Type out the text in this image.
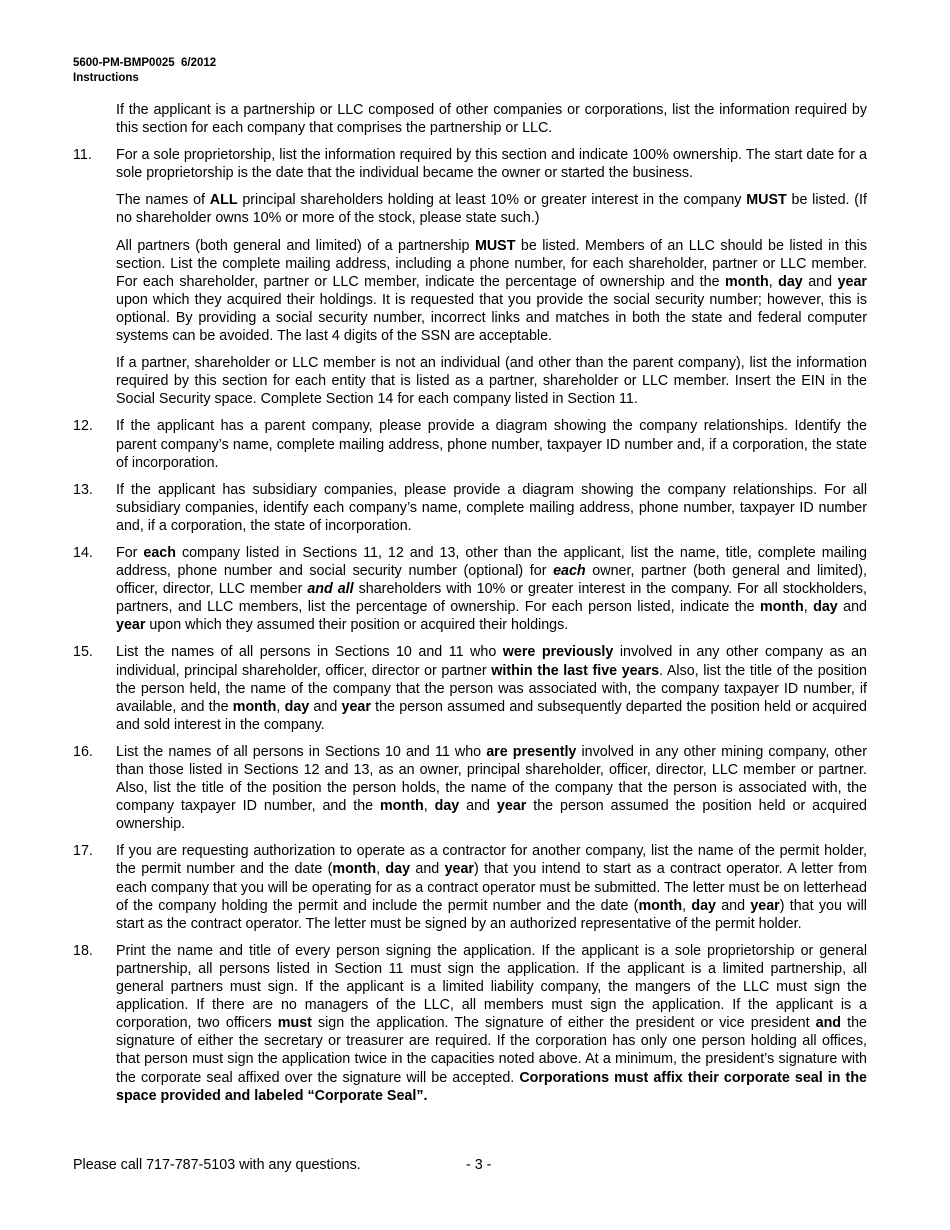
5600-PM-BMP0025 6/2012
Instructions

If the applicant is a partnership or LLC composed of other companies or corporations, list the information required by this section for each company that comprises the partnership or LLC.

11.	For a sole proprietorship, list the information required by this section and indicate 100% ownership. The start date for a sole proprietorship is the date that the individual became the owner or started the business.

The names of ALL principal shareholders holding at least 10% or greater interest in the company MUST be listed. (If no shareholder owns 10% or more of the stock, please state such.)

All partners (both general and limited) of a partnership MUST be listed. Members of an LLC should be listed in this section. List the complete mailing address, including a phone number, for each shareholder, partner or LLC member. For each shareholder, partner or LLC member, indicate the percentage of ownership and the month, day and year upon which they acquired their holdings. It is requested that you provide the social security number; however, this is optional. By providing a social security number, incorrect links and matches in both the state and federal computer systems can be avoided. The last 4 digits of the SSN are acceptable.

If a partner, shareholder or LLC member is not an individual (and other than the parent company), list the information required by this section for each entity that is listed as a partner, shareholder or LLC member. Insert the EIN in the Social Security space. Complete Section 14 for each company listed in Section 11.

12.	If the applicant has a parent company, please provide a diagram showing the company relationships. Identify the parent company’s name, complete mailing address, phone number, taxpayer ID number and, if a corporation, the state of incorporation.
13.	If the applicant has subsidiary companies, please provide a diagram showing the company relationships. For all subsidiary companies, identify each company’s name, complete mailing address, phone number, taxpayer ID number and, if a corporation, the state of incorporation.
14.	For each company listed in Sections 11, 12 and 13, other than the applicant, list the name, title, complete mailing address, phone number and social security number (optional) for each owner, partner (both general and limited), officer, director, LLC member and all shareholders with 10% or greater interest in the company. For all stockholders, partners, and LLC members, list the percentage of ownership. For each person listed, indicate the month, day and year upon which they assumed their position or acquired their holdings.
15.	List the names of all persons in Sections 10 and 11 who were previously involved in any other company as an individual, principal shareholder, officer, director or partner within the last five years. Also, list the title of the position the person held, the name of the company that the person was associated with, the company taxpayer ID number, if available, and the month, day and year the person assumed and subsequently departed the position held or acquired and sold interest in the company.
16.	List the names of all persons in Sections 10 and 11 who are presently involved in any other mining company, other than those listed in Sections 12 and 13, as an owner, principal shareholder, officer, director, LLC member or partner. Also, list the title of the position the person holds, the name of the company that the person is associated with, the company taxpayer ID number, and the month, day and year the person assumed the position held or acquired ownership.
17.	If you are requesting authorization to operate as a contractor for another company, list the name of the permit holder, the permit number and the date (month, day and year) that you intend to start as a contract operator. A letter from each company that you will be operating for as a contract operator must be submitted. The letter must be on letterhead of the company holding the permit and include the permit number and the date (month, day and year) that you will start as the contract operator. The letter must be signed by an authorized representative of the permit holder.
18.	Print the name and title of every person signing the application. If the applicant is a sole proprietorship or general partnership, all persons listed in Section 11 must sign the application. If the applicant is a limited partnership, all general partners must sign. If the applicant is a limited liability company, the mangers of the LLC must sign the application. If there are no managers of the LLC, all members must sign the application. If the applicant is a corporation, two officers must sign the application. The signature of either the president or vice president and the signature of either the secretary or treasurer are required. If the corporation has only one person holding all offices, that person must sign the application twice in the capacities noted above. At a minimum, the president’s signature with the corporate seal affixed over the signature will be accepted. Corporations must affix their corporate seal in the space provided and labeled “Corporate Seal”.
Please call 717-787-5103 with any questions.	- 3 -
